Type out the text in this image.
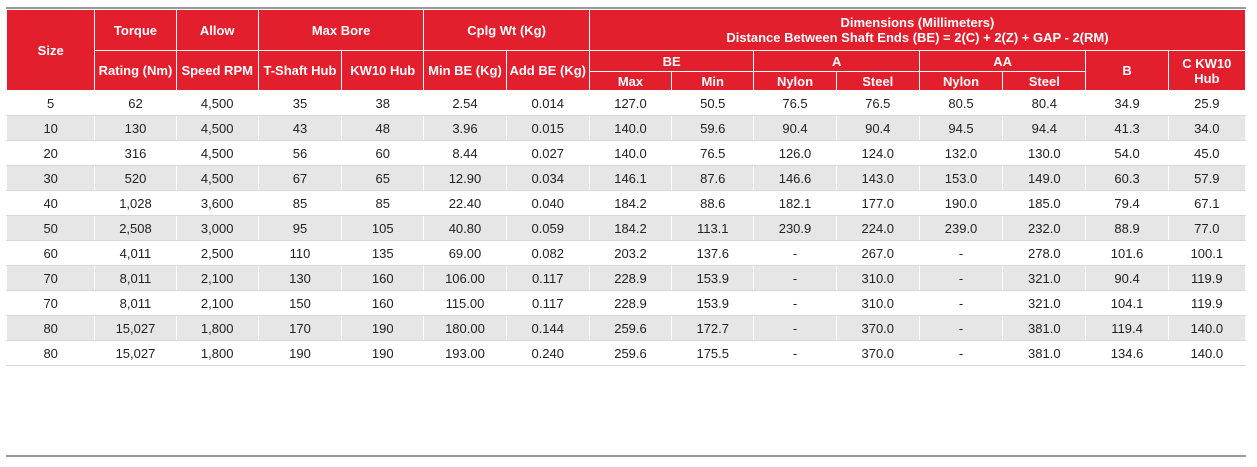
Size	Torque	Allow	Max Bore		Cplg Wt (Kg)		Dimensions (Millimeters)
Distance Between Shaft Ends (BE) = 2(C) + 2(Z) + GAP - 2(RM)							

	Rating (Nm)	Speed RPM	T-Shaft Hub	KW10 Hub	Min BE (Kg)	Add BE (Kg)	BE		A		AA		B	C KW10 Hub
							Max	Min	Nylon	Steel	Nylon	Steel		
5	62	4,500	35	38	2.54	0.014	127.0	50.5	76.5	76.5	80.5	80.4	34.9	25.9
10	130	4,500	43	48	3.96	0.015	140.0	59.6	90.4	90.4	94.5	94.4	41.3	34.0
20	316	4,500	56	60	8.44	0.027	140.0	76.5	126.0	124.0	132.0	130.0	54.0	45.0
30	520	4,500	67	65	12.90	0.034	146.1	87.6	146.6	143.0	153.0	149.0	60.3	57.9
40	1,028	3,600	85	85	22.40	0.040	184.2	88.6	182.1	177.0	190.0	185.0	79.4	67.1
50	2,508	3,000	95	105	40.80	0.059	184.2	113.1	230.9	224.0	239.0	232.0	88.9	77.0
60	4,011	2,500	110	135	69.00	0.082	203.2	137.6	-	267.0	-	278.0	101.6	100.1
70	8,011	2,100	130	160	106.00	0.117	228.9	153.9	-	310.0	-	321.0	90.4	119.9
70	8,011	2,100	150	160	115.00	0.117	228.9	153.9	-	310.0	-	321.0	104.1	119.9
80	15,027	1,800	170	190	180.00	0.144	259.6	172.7	-	370.0	-	381.0	119.4	140.0
80	15,027	1,800	190	190	193.00	0.240	259.6	175.5	-	370.0	-	381.0	134.6	140.0
